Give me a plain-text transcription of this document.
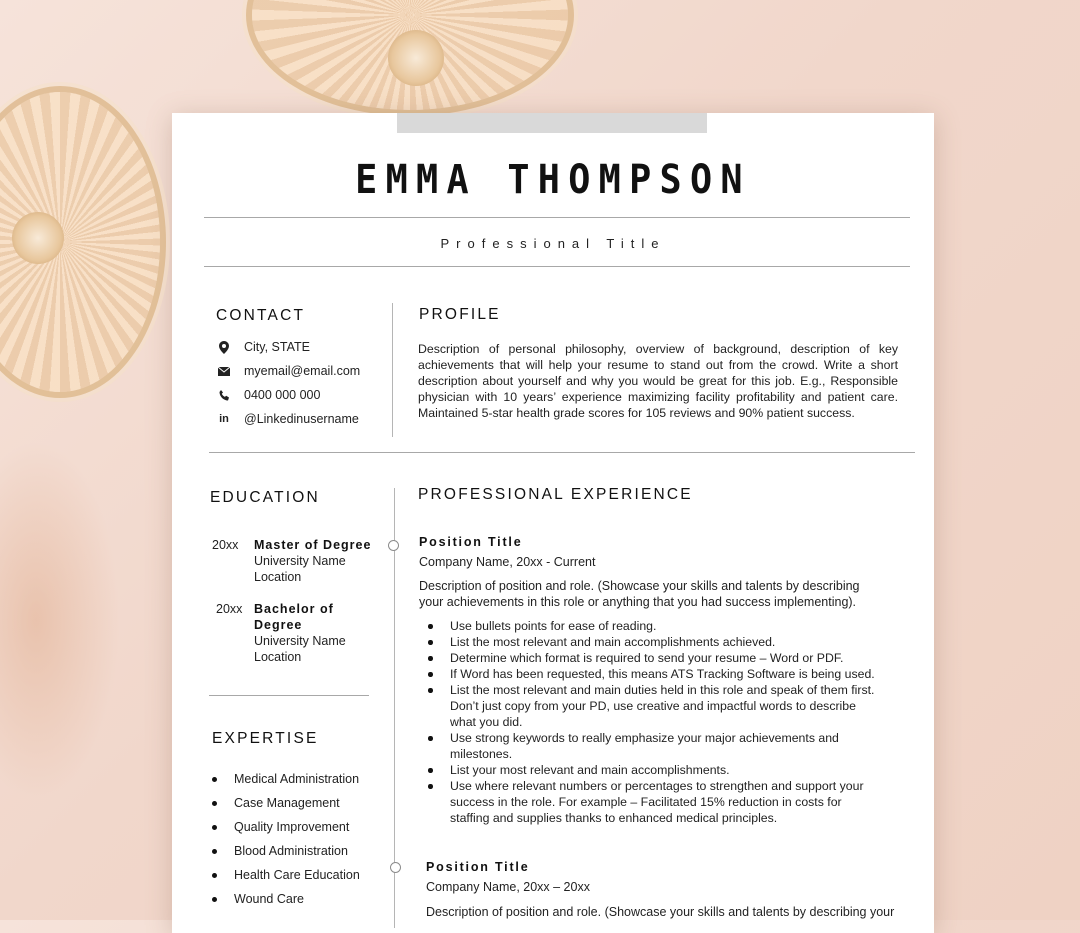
EMMA THOMPSON
Professional Title
CONTACT
City, STATE
myemail@email.com
0400 000 000
in @Linkedinusername
PROFILE
Description of personal philosophy, overview of background, description of key achievements that will help your resume to stand out from the crowd. Write a short description about yourself and why you would be great for this job. E.g., Responsible physician with 10 years’ experience maximizing facility profitability and patient care. Maintained 5-star health grade scores for 105 reviews and 90% patient success.
EDUCATION
20xx Master of Degree
University Name
Location
20xx Bachelor of Degree
University Name
Location
EXPERTISE
Medical Administration
Case Management
Quality Improvement
Blood Administration
Health Care Education
Wound Care
PROFESSIONAL EXPERIENCE
Position Title
Company Name, 20xx - Current
Description of position and role. (Showcase your skills and talents by describing your achievements in this role or anything that you had success implementing).
Use bullets points for ease of reading.
List the most relevant and main accomplishments achieved.
Determine which format is required to send your resume – Word or PDF.
If Word has been requested, this means ATS Tracking Software is being used.
List the most relevant and main duties held in this role and speak of them first. Don’t just copy from your PD, use creative and impactful words to describe what you did.
Use strong keywords to really emphasize your major achievements and milestones.
List your most relevant and main accomplishments.
Use where relevant numbers or percentages to strengthen and support your success in the role. For example – Facilitated 15% reduction in costs for staffing and supplies thanks to enhanced medical principles.
Position Title
Company Name, 20xx – 20xx
Description of position and role. (Showcase your skills and talents by describing your
